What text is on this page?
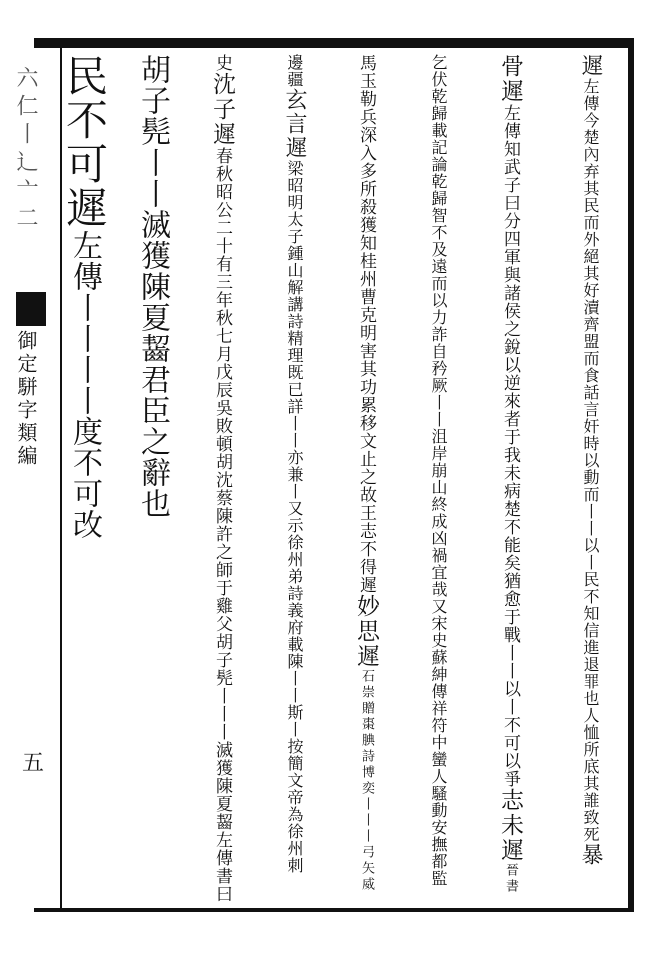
六仁丨辶亠二
御定駢字類編
五
遲左傳今楚內弃其民而外絕其好瀆齊盟而食話言奸時以動而丨丨以丨民不知信進退罪也人恤所底其誰致死暴
骨遲左傳知武子曰分四軍與諸侯之銳以逆來者于我未病楚不能矣猶愈于戰丨丨以丨不可以爭志未遲晉書
乞伏乾歸載記論乾歸智不及遠而以力詐自矜厥丨丨沮岸崩山終成凶禍宜哉又宋史蘇紳傳祥符中蠻人騷動安撫都監
馬玉勒兵深入多所殺獲知桂州曹克明害其功累移文止之故王志不得遲妙思遲石崇贈棗腆詩博奕丨丨丨弓矢威
邊疆玄言遲梁昭明太子鍾山解講詩精理既已詳丨丨亦兼丨又示徐州弟詩義府載陳丨丨斯丨按簡文帝為徐州刺
史沈子遲春秋昭公二十有三年秋七月戊辰吳敗頓胡沈蔡陳許之師于雞父胡子髡丨丨丨滅獲陳夏齧左傳書曰
胡子髡丨丨滅獲陳夏齧君臣之辭也
民不可遲左傳丨丨丨丨度不可改
